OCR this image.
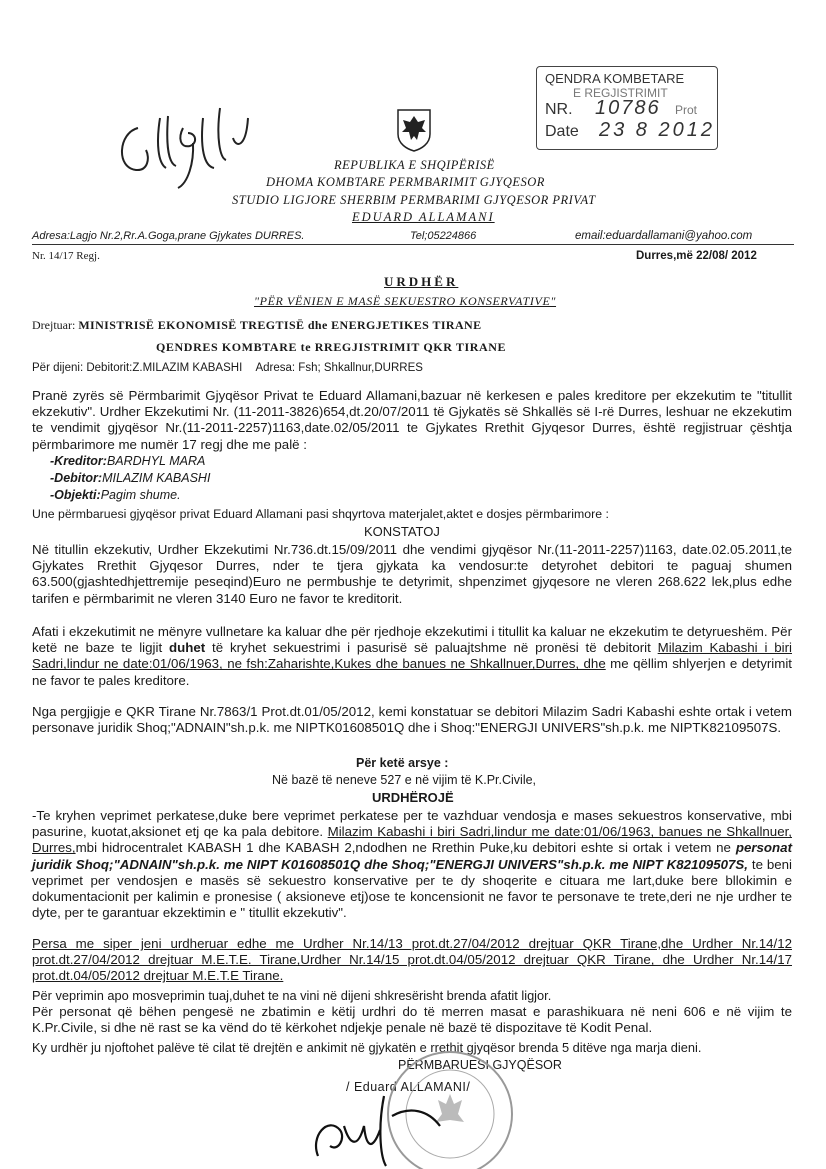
QENDRA KOMBETARE
E REGJISTRIMIT
NR. 10786 Prot
Date 23 8 2012
REPUBLIKA E SHQIPËRISË
DHOMA KOMBTARE PERMBARIMIT GJYQESOR
STUDIO LIGJORE SHERBIM PERMBARIMI GJYQESOR PRIVAT
EDUARD ALLAMANI
Adresa:Lagjo Nr.2,Rr.A.Goga,prane Gjykates DURRES.	Tel;05224866	email:eduardallamani@yahoo.com
Nr. 14/17 Regj.	Durres,më 22/08/ 2012
URDHËR
"PËR VËNIEN E MASË SEKUESTRO KONSERVATIVE"
Drejtuar: MINISTRISË EKONOMISË TREGTISË dhe ENERGJETIKES TIRANE
QENDRES KOMBTARE te RREGJISTRIMIT QKR TIRANE
Për dijeni: Debitorit:Z.MILAZIM KABASHI Adresa: Fsh; Shkallnur,DURRES
Pranë zyrës së Përmbarimit Gjyqësor Privat te Eduard Allamani,bazuar në kerkesen e pales kreditore per ekzekutim te "titullit ekzekutiv". Urdher Ekzekutimi Nr. (11-2011-3826)654,dt.20/07/2011 të Gjykatës së Shkallës së I-rë Durres, leshuar ne ekzekutim te vendimit gjyqësor Nr.(11-2011-2257)1163,date.02/05/2011 te Gjykates Rrethit Gjyqesor Durres, është regjistruar çështja përmbarimore me numër 17 regj dhe me palë :
-Kreditor:BARDHYL MARA
-Debitor:MILAZIM KABASHI
-Objekti:Pagim shume.
Une përmbaruesi gjyqësor privat Eduard Allamani pasi shqyrtova materjalet,aktet e dosjes përmbarimore :
KONSTATOJ
Në titullin ekzekutiv, Urdher Ekzekutimi Nr.736.dt.15/09/2011 dhe vendimi gjyqësor Nr.(11-2011-2257)1163, date.02.05.2011,te Gjykates Rrethit Gjyqesor Durres, nder te tjera gjykata ka vendosur:te detyrohet debitori te paguaj shumen 63.500(gjashtedhjettremije peseqind)Euro ne permbushje te detyrimit, shpenzimet gjyqesore ne vleren 268.622 lek,plus edhe tarifen e përmbarimit ne vleren 3140 Euro ne favor te kreditorit.
Afati i ekzekutimit ne mënyre vullnetare ka kaluar dhe për rjedhoje ekzekutimi i titullit ka kaluar ne ekzekutim te detyrueshëm. Për ketë ne baze te ligjit duhet të kryhet sekuestrimi i pasurisë së paluajtshme në pronësi të debitorit Milazim Kabashi i biri Sadri,lindur ne date:01/06/1963, ne fsh:Zaharishte,Kukes dhe banues ne Shkallnuer,Durres, dhe me qëllim shlyerjen e detyrimit ne favor te pales kreditore.
Nga pergjigje e QKR Tirane Nr.7863/1 Prot.dt.01/05/2012, kemi konstatuar se debitori Milazim Sadri Kabashi eshte ortak i vetem personave juridik Shoq;"ADNAIN"sh.p.k. me NIPTK01608501Q dhe i Shoq:"ENERGJI UNIVERS"sh.p.k. me NIPTK82109507S.
Për ketë arsye :
Në bazë të neneve 527 e në vijim të K.Pr.Civile,
URDHËROJË
-Te kryhen veprimet perkatese,duke bere veprimet perkatese per te vazhduar vendosja e mases sekuestros konservative, mbi pasurine, kuotat,aksionet etj qe ka pala debitore. Milazim Kabashi i biri Sadri,lindur me date:01/06/1963, banues ne Shkallnuer, Durres,mbi hidrocentralet KABASH 1 dhe KABASH 2,ndodhen ne Rrethin Puke,ku debitori eshte si ortak i vetem ne personat juridik Shoq;"ADNAIN"sh.p.k. me NIPT K01608501Q dhe Shoq;"ENERGJI UNIVERS"sh.p.k. me NIPT K82109507S, te beni veprimet per vendosjen e masës së sekuestro konservative per te dy shoqerite e cituara me lart,duke bere bllokimin e dokumentacionit per kalimin e pronesise ( aksioneve etj)ose te koncensionit ne favor te personave te trete,deri ne nje urdher te dyte, per te garantuar ekzektimin e " titullit ekzekutiv".
Persa me siper jeni urdheruar edhe me Urdher Nr.14/13 prot.dt.27/04/2012 drejtuar QKR Tirane,dhe Urdher Nr.14/12 prot.dt.27/04/2012 drejtuar M.E.T.E. Tirane,Urdher Nr.14/15 prot.dt.04/05/2012 drejtuar QKR Tirane, dhe Urdher Nr.14/17 prot.dt.04/05/2012 drejtuar M.E.T.E Tirane.
Për veprimin apo mosveprimin tuaj,duhet te na vini në dijeni shkresërisht brenda afatit ligjor.
Për personat që bëhen pengesë ne zbatimin e këtij urdhri do të merren masat e parashikuara në neni 606 e në vijim te K.Pr.Civile, si dhe në rast se ka vënd do të kërkohet ndjekje penale në bazë të dispozitave të Kodit Penal.
Ky urdhër ju njoftohet palëve të cilat të drejtën e ankimit në gjykatën e rrethit gjyqësor brenda 5 ditëve nga marja dieni.
PËRMBARUESI GJYQËSOR
/ Eduard ALLAMANI/
